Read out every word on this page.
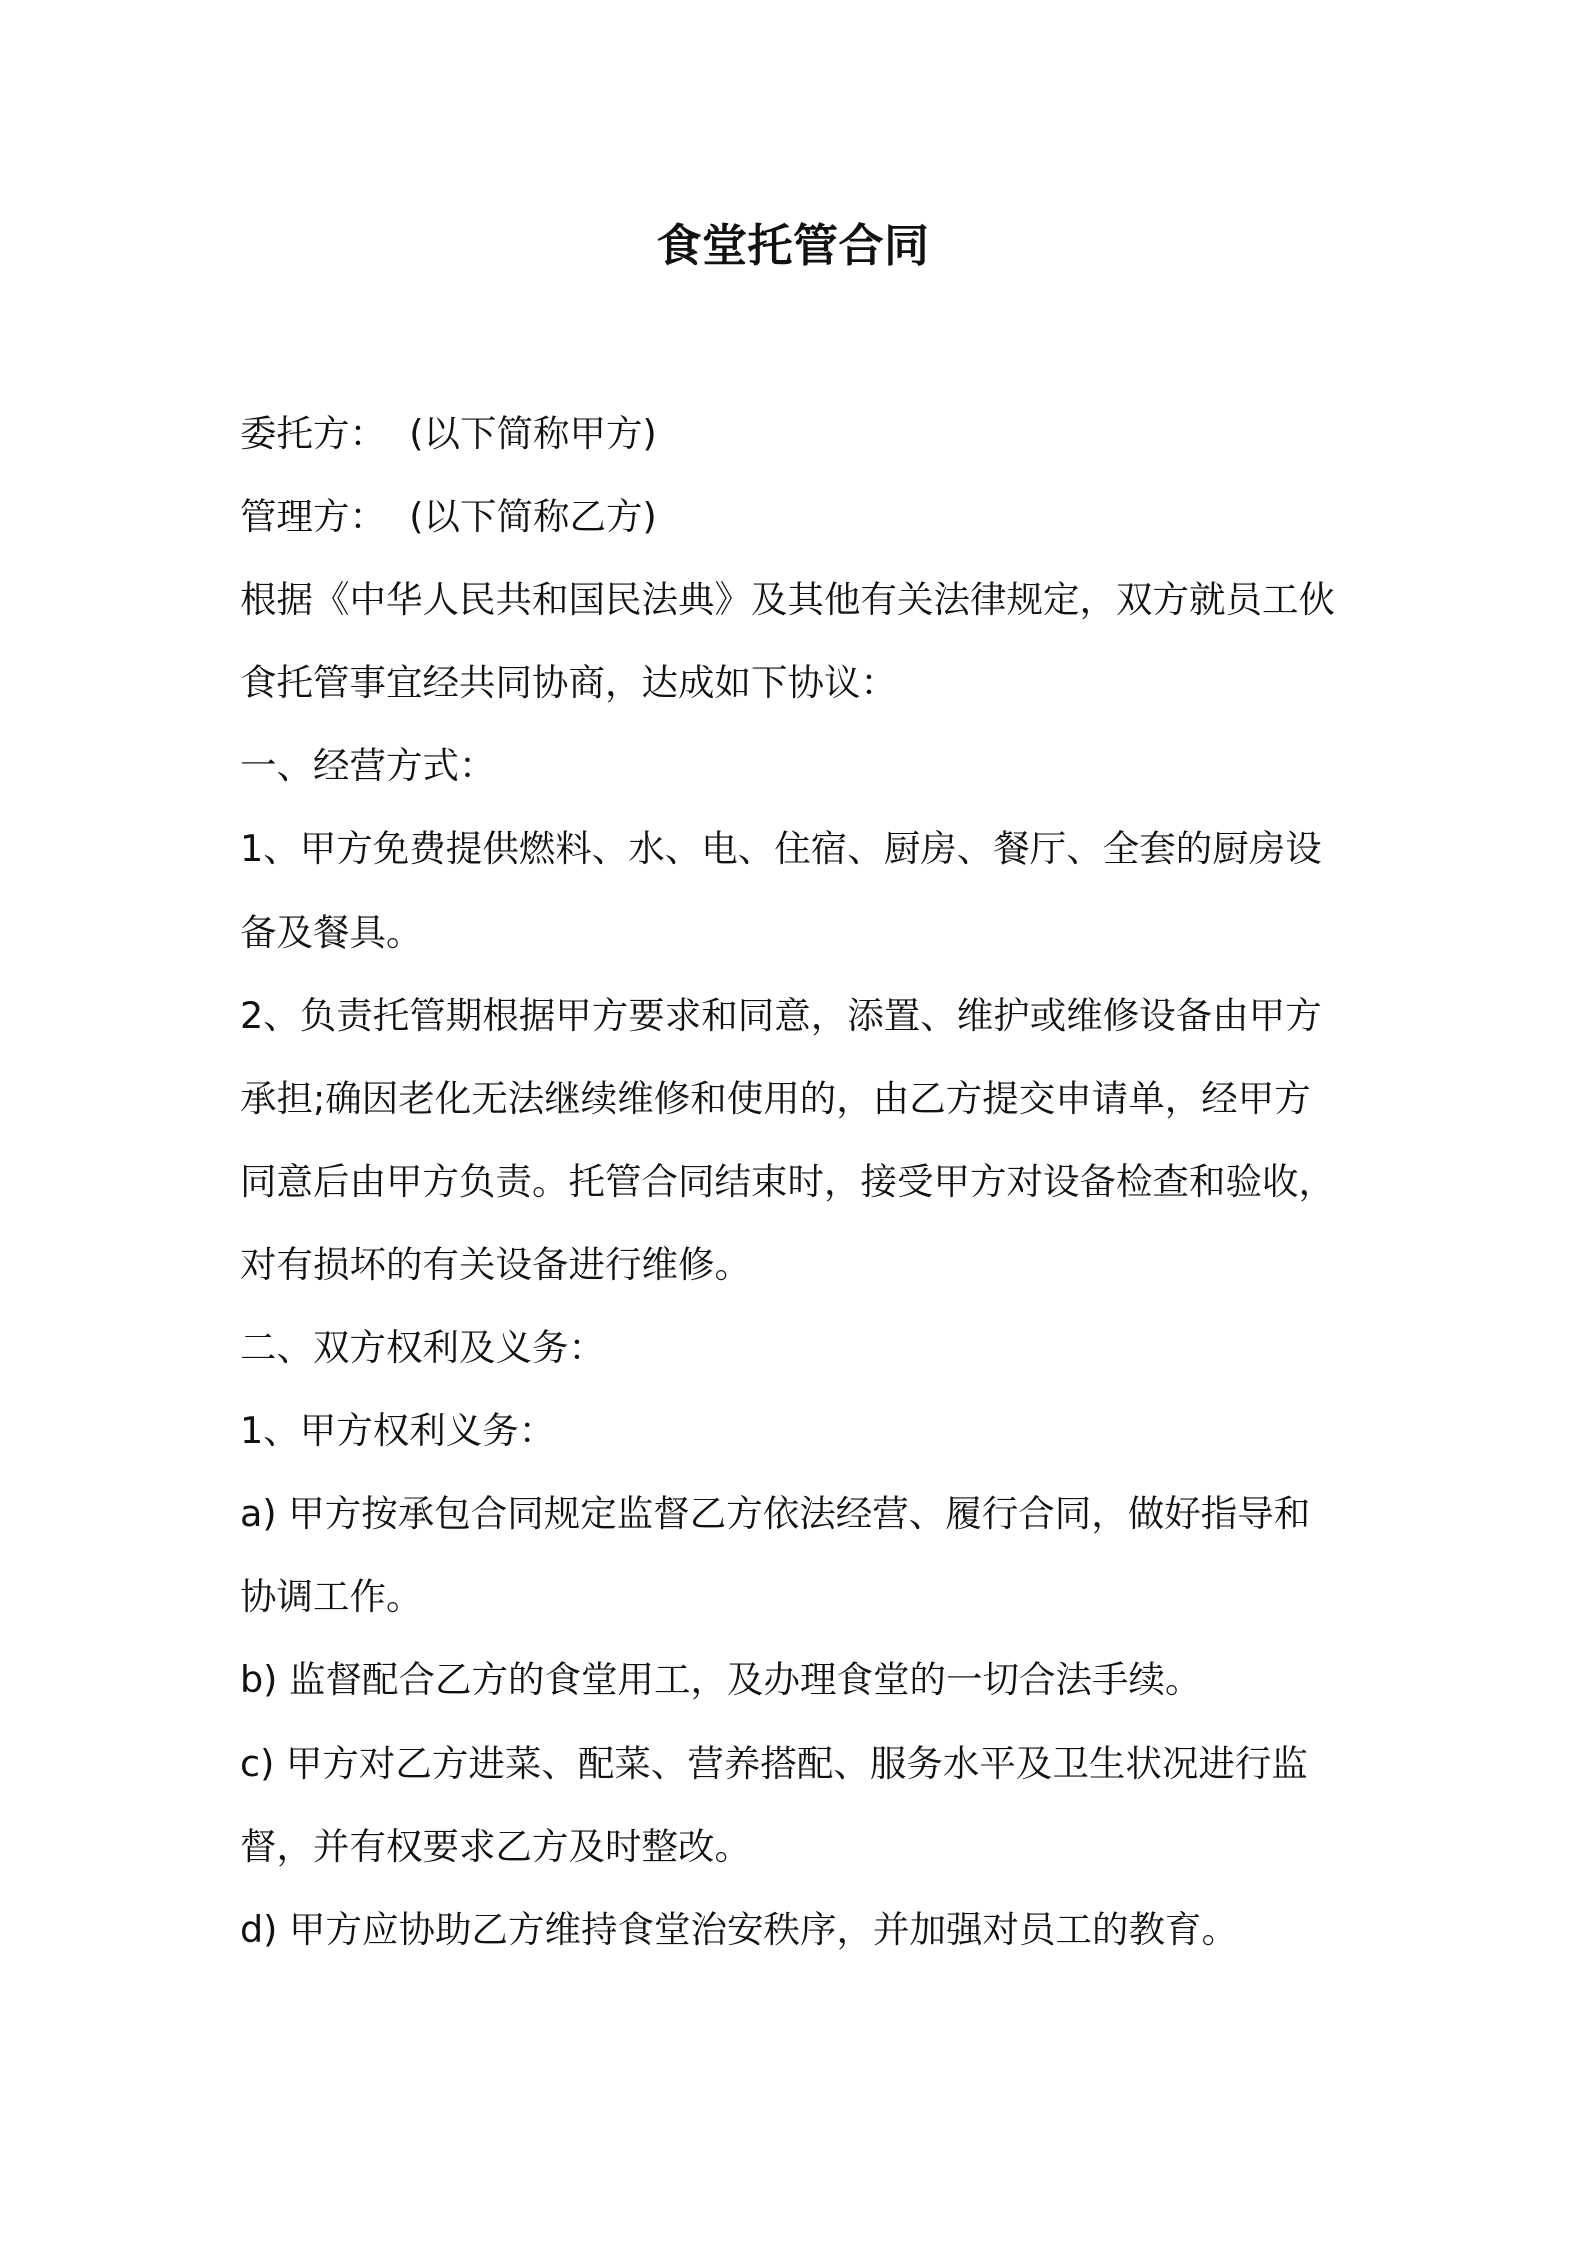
食堂托管合同
委托方：  (以下简称甲方)
管理方：  (以下简称乙方)
根据《中华人民共和国民法典》及其他有关法律规定，双方就员工伙
食托管事宜经共同协商，达成如下协议：
一、经营方式：
1、甲方免费提供燃料、水、电、住宿、厨房、餐厅、全套的厨房设
备及餐具。
2、负责托管期根据甲方要求和同意，添置、维护或维修设备由甲方
承担;确因老化无法继续维修和使用的，由乙方提交申请单，经甲方
同意后由甲方负责。托管合同结束时，接受甲方对设备检查和验收，
对有损坏的有关设备进行维修。
二、双方权利及义务：
1、甲方权利义务：
a) 甲方按承包合同规定监督乙方依法经营、履行合同，做好指导和
协调工作。
b) 监督配合乙方的食堂用工，及办理食堂的一切合法手续。
c) 甲方对乙方进菜、配菜、营养搭配、服务水平及卫生状况进行监
督，并有权要求乙方及时整改。
d) 甲方应协助乙方维持食堂治安秩序，并加强对员工的教育。
